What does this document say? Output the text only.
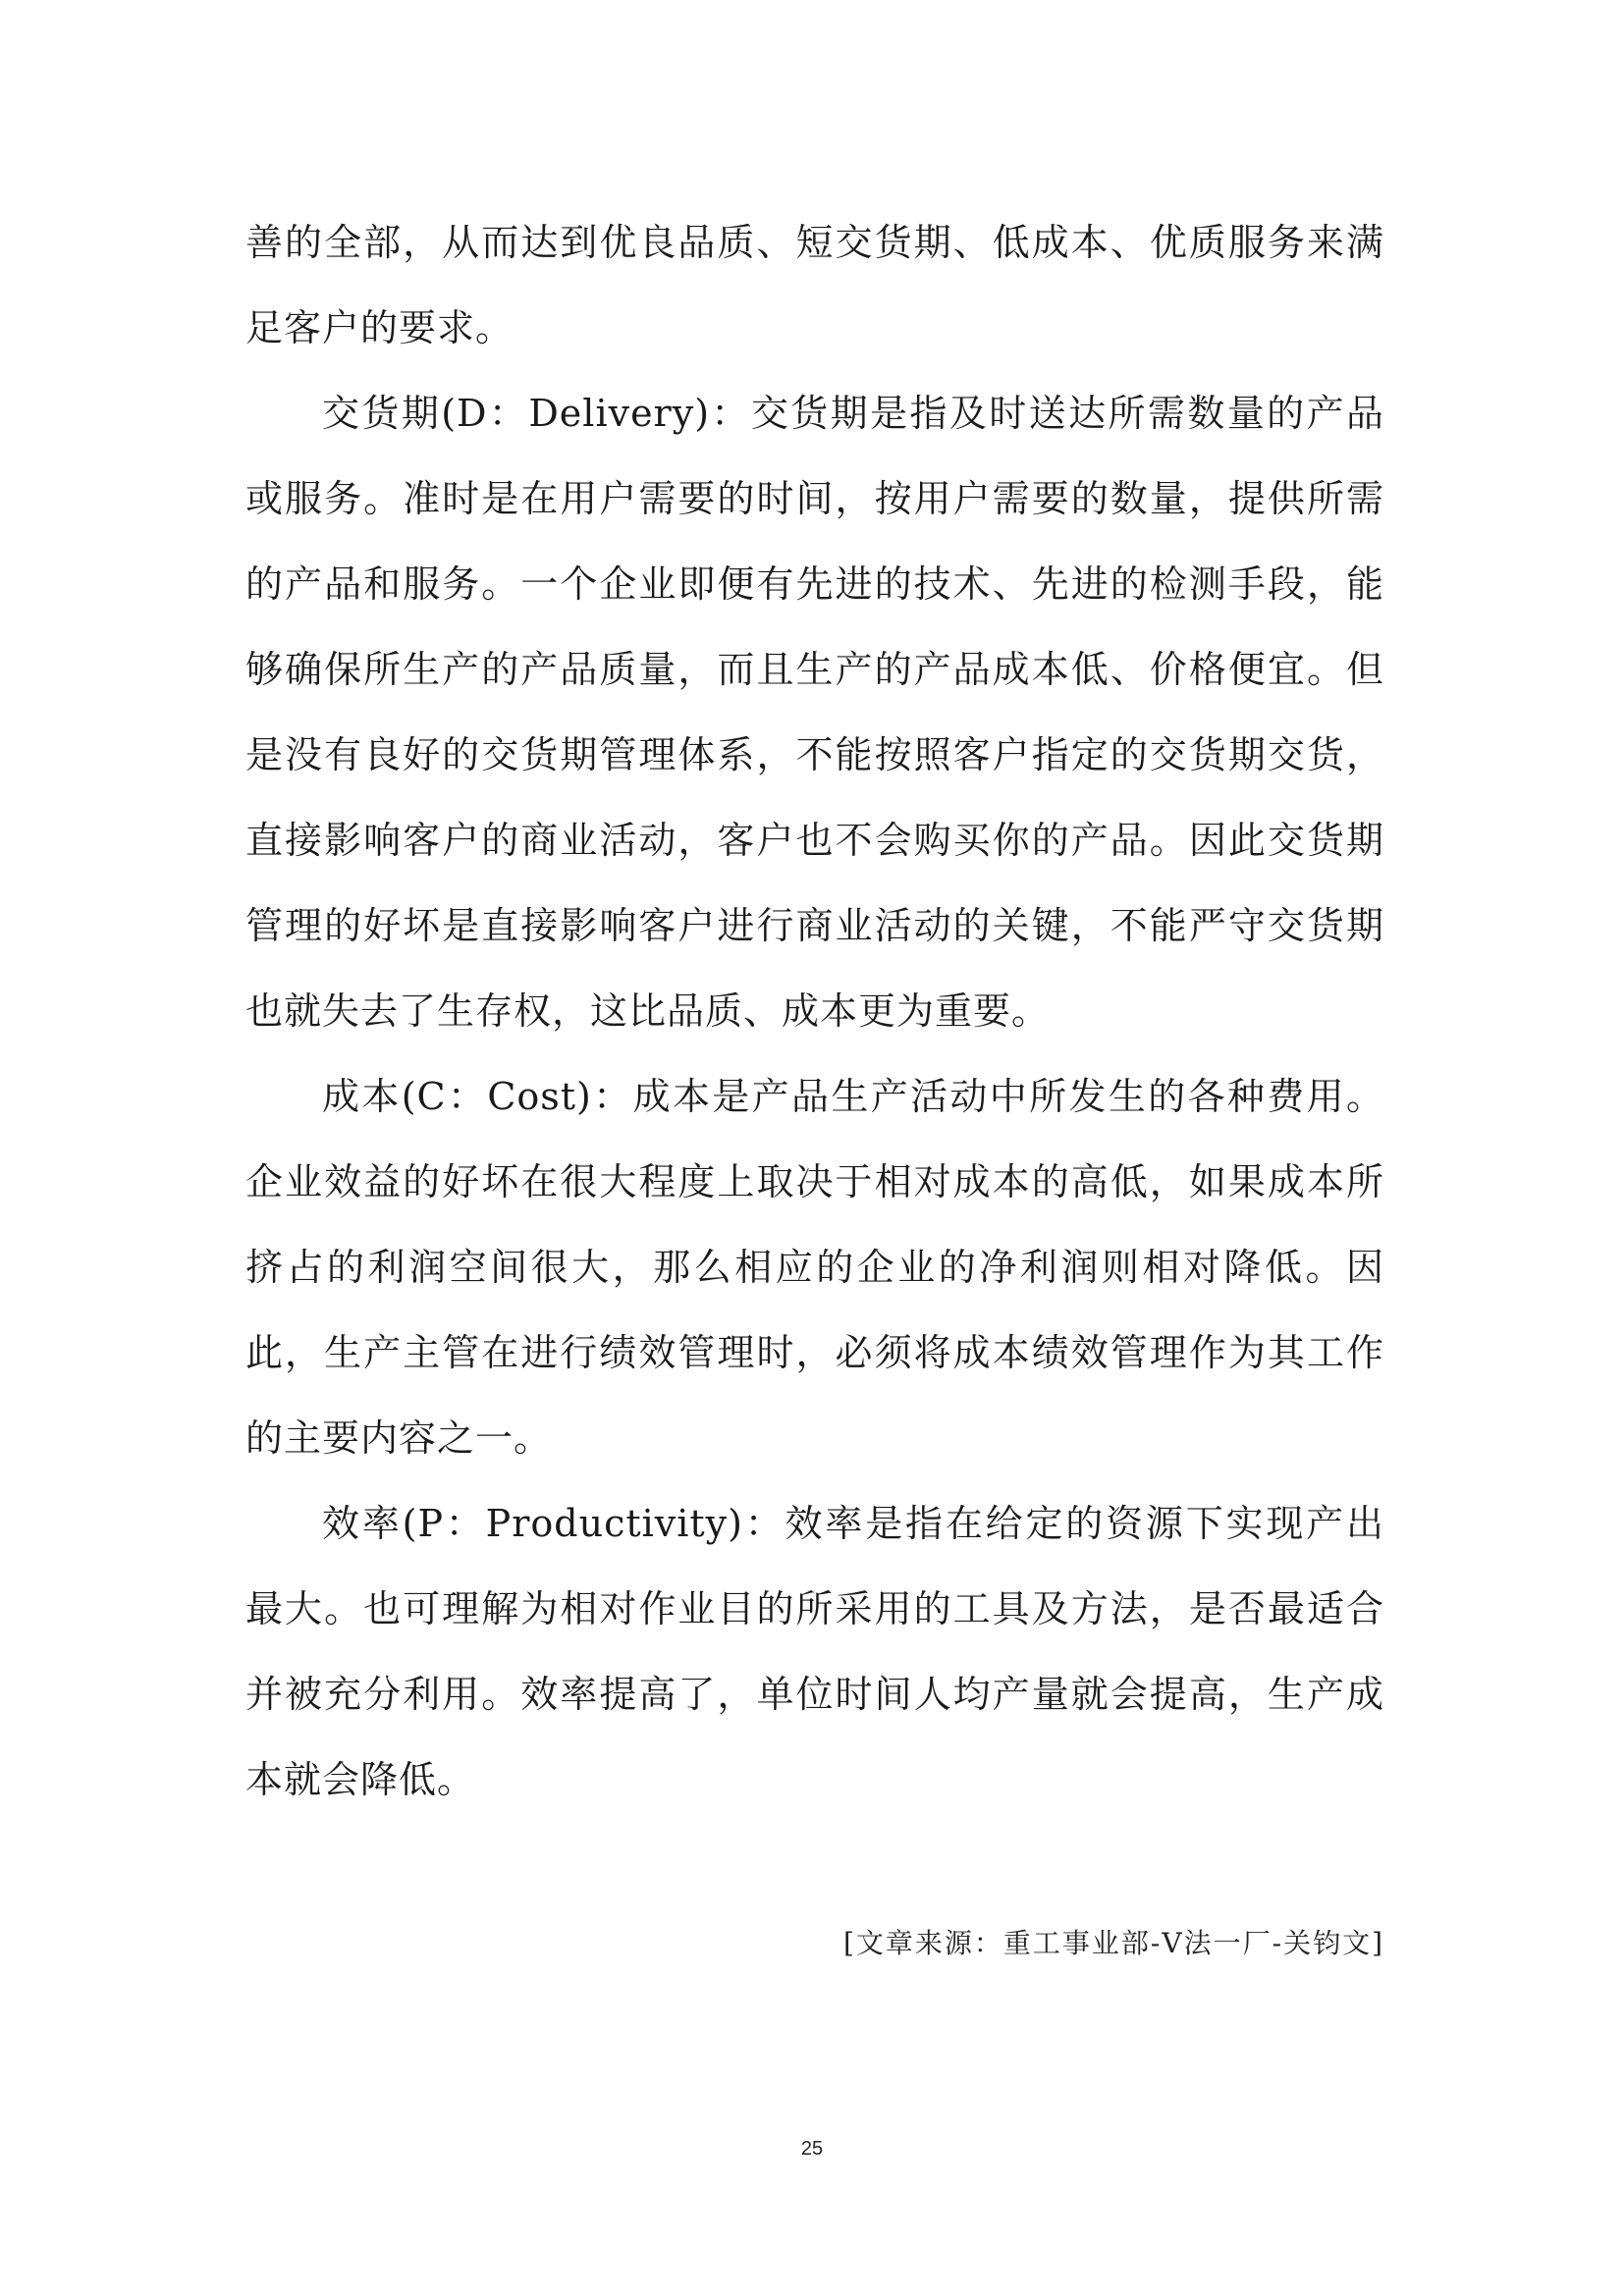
善的全部，从而达到优良品质、短交货期、低成本、优质服务来满足客户的要求。

交货期(D：Delivery)：交货期是指及时送达所需数量的产品或服务。准时是在用户需要的时间，按用户需要的数量，提供所需的产品和服务。一个企业即便有先进的技术、先进的检测手段，能够确保所生产的产品质量，而且生产的产品成本低、价格便宜。但是没有良好的交货期管理体系，不能按照客户指定的交货期交货，直接影响客户的商业活动，客户也不会购买你的产品。因此交货期管理的好坏是直接影响客户进行商业活动的关键，不能严守交货期也就失去了生存权，这比品质、成本更为重要。

成本(C：Cost)：成本是产品生产活动中所发生的各种费用。企业效益的好坏在很大程度上取决于相对成本的高低，如果成本所挤占的利润空间很大，那么相应的企业的净利润则相对降低。因此，生产主管在进行绩效管理时，必须将成本绩效管理作为其工作的主要内容之一。

效率(P：Productivity)：效率是指在给定的资源下实现产出最大。也可理解为相对作业目的所采用的工具及方法，是否最适合并被充分利用。效率提高了，单位时间人均产量就会提高，生产成本就会降低。

[文章来源：重工事业部-V法一厂-关钧文]
25
